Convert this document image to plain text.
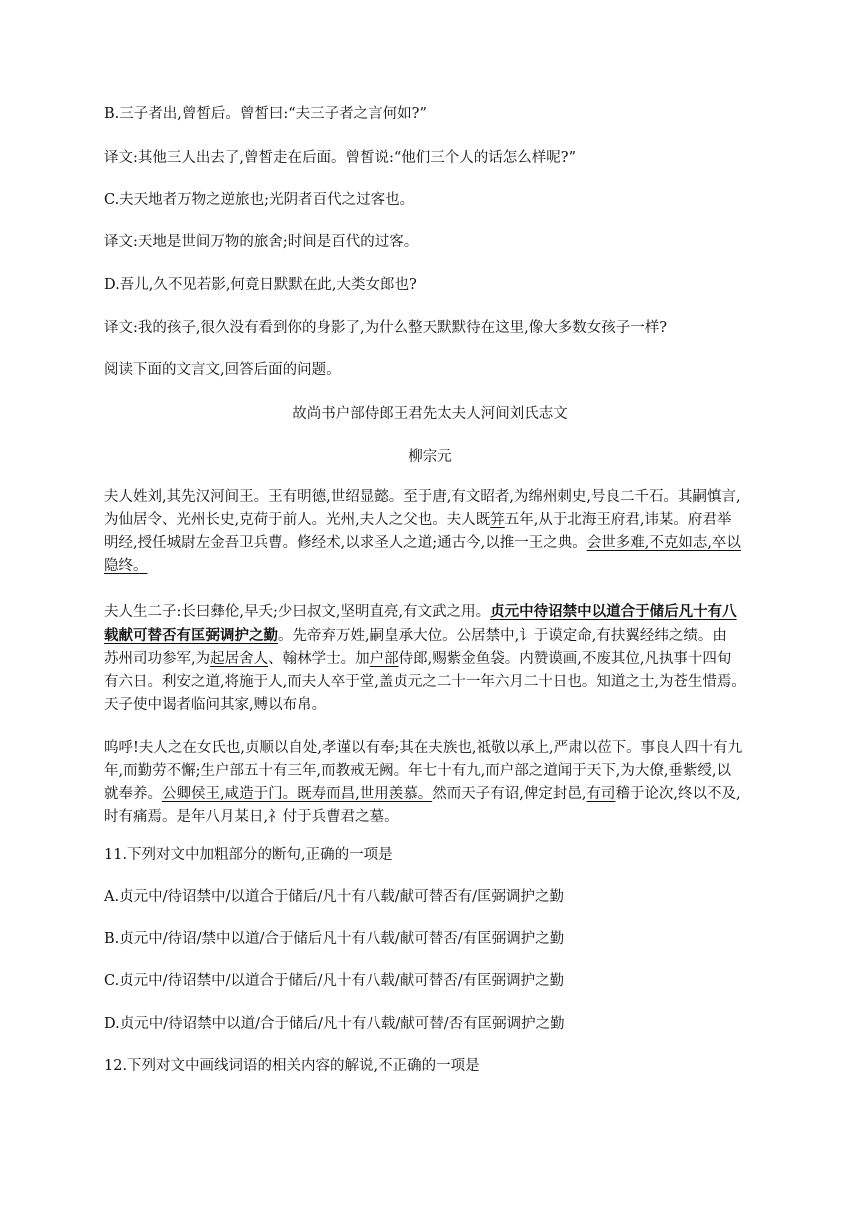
B.三子者出,曾皙后。曾皙曰:“夫三子者之言何如?”
译文:其他三人出去了,曾皙走在后面。曾皙说:“他们三个人的话怎么样呢?”
C.夫天地者万物之逆旅也;光阴者百代之过客也。
译文:天地是世间万物的旅舍;时间是百代的过客。
D.吾儿,久不见若影,何竟日默默在此,大类女郎也?
译文:我的孩子,很久没有看到你的身影了,为什么整天默默待在这里,像大多数女孩子一样?
阅读下面的文言文,回答后面的问题。
故尚书户部侍郎王君先太夫人河间刘氏志文
柳宗元
夫人姓刘,其先汉河间王。王有明德,世绍显懿。至于唐,有文昭者,为绵州刺史,号良二千石。其嗣慎言,
为仙居令、光州长史,克荷于前人。光州,夫人之父也。夫人既笄五年,从于北海王府君,讳某。府君举
明经,授任城尉左金吾卫兵曹。修经术,以求圣人之道;通古今,以推一王之典。会世多难,不克如志,卒以
隐终。
夫人生二子:长曰彝伦,早夭;少曰叔文,坚明直亮,有文武之用。贞元中待诏禁中以道合于储后凡十有八
载献可替否有匡弼调护之勤。先帝弃万姓,嗣皇承大位。公居禁中,讠于谟定命,有扶翼经纬之绩。由
苏州司功参军,为起居舍人、翰林学士。加户部侍郎,赐紫金鱼袋。内赞谟画,不废其位,凡执事十四旬
有六日。利安之道,将施于人,而夫人卒于堂,盖贞元之二十一年六月二十日也。知道之士,为苍生惜焉。
天子使中谒者临问其家,赙以布帛。
呜呼!夫人之在女氏也,贞顺以自处,孝谨以有奉;其在夫族也,祗敬以承上,严肃以莅下。事良人四十有九
年,而勤劳不懈;生户部五十有三年,而教戒无阙。年七十有九,而户部之道闻于天下,为大僚,垂紫绶,以
就奉养。公卿侯王,咸造于门。既寿而昌,世用羡慕。然而天子有诏,俾定封邑,有司稽于论次,终以不及,
时有痛焉。是年八月某日,礻付于兵曹君之墓。
11.下列对文中加粗部分的断句,正确的一项是
A.贞元中/待诏禁中/以道合于储后/凡十有八载/献可替否有/匡弼调护之勤
B.贞元中/待诏/禁中以道/合于储后凡十有八载/献可替否/有匡弼调护之勤
C.贞元中/待诏禁中/以道合于储后/凡十有八载/献可替否/有匡弼调护之勤
D.贞元中/待诏禁中以道/合于储后/凡十有八载/献可替/否有匡弼调护之勤
12.下列对文中画线词语的相关内容的解说,不正确的一项是
